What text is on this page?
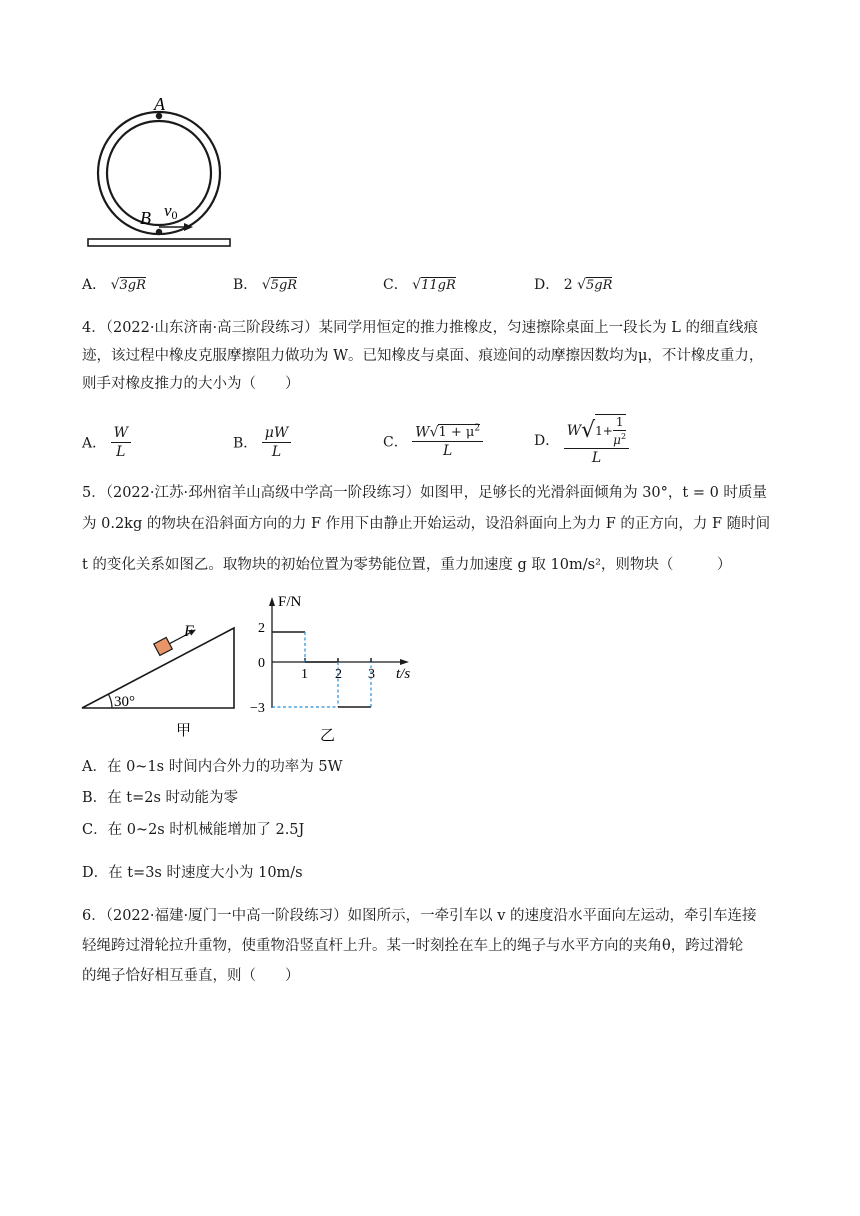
A
B v0
A． √3gR	B． √5gR	C． √11gR	D． 2 √5gR
4．（2022·山东济南·高三阶段练习）某同学用恒定的推力推橡皮，匀速擦除桌面上一段长为 L 的细直线痕
迹，该过程中橡皮克服摩擦阻力做功为 W。已知橡皮与桌面、痕迹间的动摩擦因数均为μ，不计橡皮重力，
则手对橡皮推力的大小为（　　）
A． $\frac{W}{L}$	B． $\frac{\mu W}{L}$	C． $\frac{W√1 + \mu^2}{L}$	D． $\frac{W √ 1+ \frac{1}{\mu^2}}{L}$
5．（2022·江苏·邳州宿羊山高级中学高一阶段练习）如图甲，足够长的光滑斜面倾角为 30°，t = 0 时质量
为 0.2kg 的物块在沿斜面方向的力 F 作用下由静止开始运动，设沿斜面向上为力 F 的正方向，力 F 随时间
t 的变化关系如图乙。取物块的初始位置为零势能位置，重力加速度 g 取 10m/s²，则物块（　　　）
F
30°
甲
F/N
t/s
2
0
−3
1 2 3
乙
A．在 0~1s 时间内合外力的功率为 5W
B．在 t=2s 时动能为零
C．在 0~2s 时机械能增加了 2.5J
D．在 t=3s 时速度大小为 10m/s
6．（2022·福建·厦门一中高一阶段练习）如图所示，一牵引车以 v 的速度沿水平面向左运动，牵引车连接
轻绳跨过滑轮拉升重物，使重物沿竖直杆上升。某一时刻拴在车上的绳子与水平方向的夹角θ，跨过滑轮
的绳子恰好相互垂直，则（　　）
